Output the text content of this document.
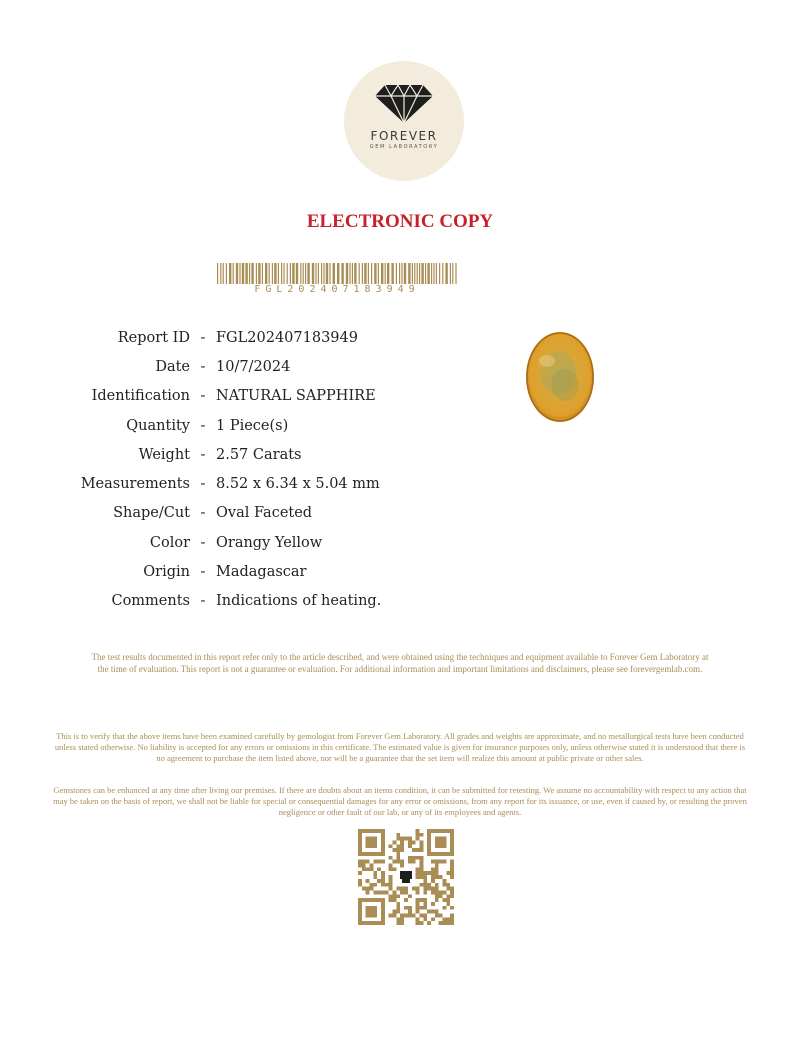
FOREVER
GEM LABORATORY
ELECTRONIC COPY
FGL202407183949
Report ID - FGL202407183949
Date - 10/7/2024
Identification - NATURAL SAPPHIRE
Quantity - 1 Piece(s)
Weight - 2.57 Carats
Measurements - 8.52 x 6.34 x 5.04 mm
Shape/Cut - Oval Faceted
Color - Orangy Yellow
Origin - Madagascar
Comments - Indications of heating.
The test results documented in this report refer only to the article described, and were obtained using the techniques and equipment available to Forever Gem Laboratory at the time of evaluation. This report is not a guarantee or evaluation. For additional information and important limitations and disclaimers, please see forevergemlab.com.
This is to verify that the above items have been examined carefully by gemologist from Forever Gem Laboratory. All grades and weights are approximate, and no metallurgical tests have been conducted unless stated otherwise. No liability is accepted for any errors or omissions in this certificate. The estimated value is given for insurance purposes only, unless otherwise stated it is understood that there is no agreement to purchase the item listed above, nor will be a guarantee that the set item will realize this amount at public private or other sales.
Gemstones can be enhanced at any time after living our premises. If there are doubts about an items condition, it can be submitted for retesting. We assume no accountability with respect to any action that may be taken on the basis of report, we shall not be liable for special or consequential damages for any error or omissions, from any report for its issuance, or use, even if caused by, or resulting the proven negligence or other fault of our lab, or any of its employees and agents.
